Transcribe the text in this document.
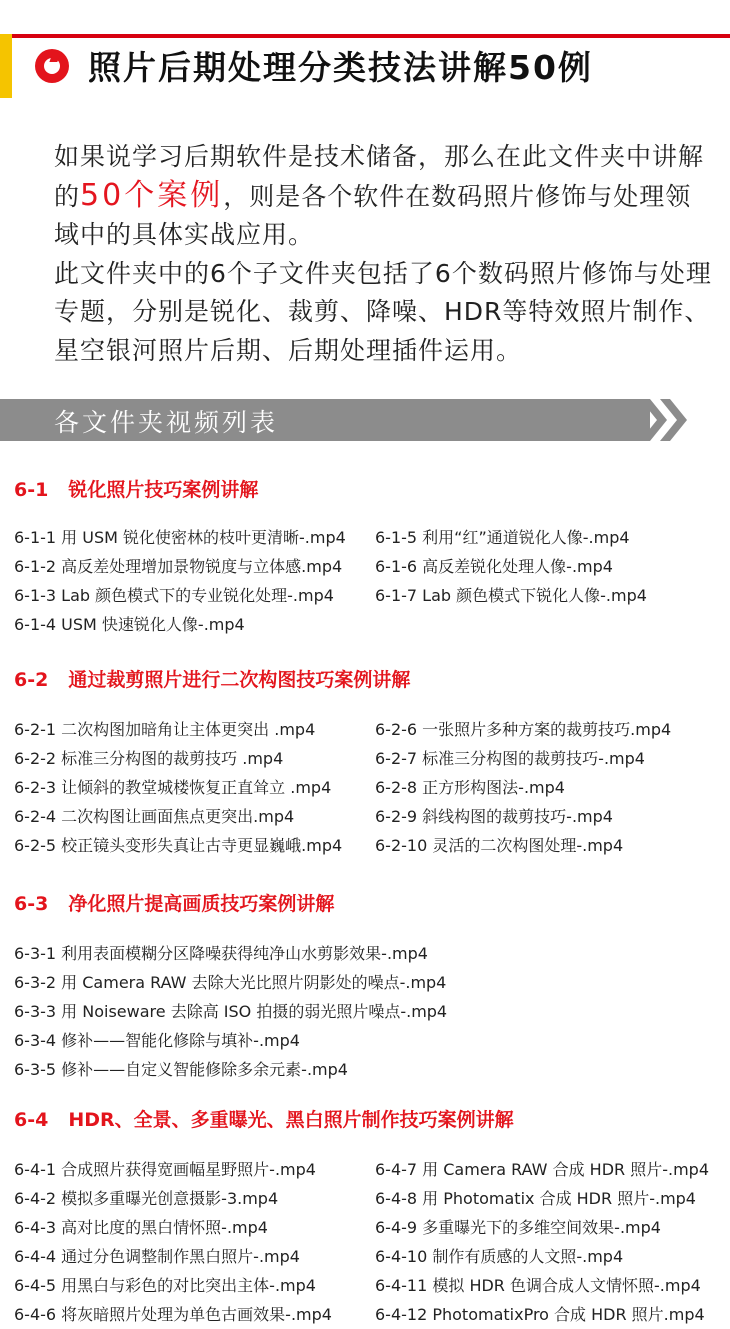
照片后期处理分类技法讲解50例

如果说学习后期软件是技术储备，那么在此文件夹中讲解的50个案例，则是各个软件在数码照片修饰与处理领域中的具体实战应用。

此文件夹中的6个子文件夹包括了6个数码照片修饰与处理专题，分别是锐化、裁剪、降噪、HDR等特效照片制作、星空银河照片后期、后期处理插件运用。

各文件夹视频列表
6-1 锐化照片技巧案例讲解
6-1-1 用 USM 锐化使密林的枝叶更清晰-.mp4 6-1-5 利用“红”通道锐化人像-.mp4
6-1-2 高反差处理增加景物锐度与立体感.mp4 6-1-6 高反差锐化处理人像-.mp4
6-1-3 Lab 颜色模式下的专业锐化处理-.mp4	6-1-7 Lab 颜色模式下锐化人像-.mp4
6-1-4 USM 快速锐化人像-.mp4
6-2 通过裁剪照片进行二次构图技巧案例讲解
6-2-1 二次构图加暗角让主体更突出 .mp4	6-2-6 一张照片多种方案的裁剪技巧.mp4
6-2-2 标准三分构图的裁剪技巧 .mp4	6-2-7 标准三分构图的裁剪技巧-.mp4
6-2-3 让倾斜的教堂城楼恢复正直耸立 .mp4	6-2-8 正方形构图法-.mp4
6-2-4 二次构图让画面焦点更突出.mp4	6-2-9 斜线构图的裁剪技巧-.mp4
6-2-5 校正镜头变形失真让古寺更显巍峨.mp4 6-2-10 灵活的二次构图处理-.mp4
6-3 净化照片提高画质技巧案例讲解
6-3-1 利用表面模糊分区降噪获得纯净山水剪影效果-.mp4
6-3-2 用 Camera RAW 去除大光比照片阴影处的噪点-.mp4
6-3-3 用 Noiseware 去除高 ISO 拍摄的弱光照片噪点-.mp4
6-3-4 修补——智能化修除与填补-.mp4
6-3-5 修补——自定义智能修除多余元素-.mp4
6-4 HDR、全景、多重曝光、黑白照片制作技巧案例讲解
6-4-1 合成照片获得宽画幅星野照片-.mp4	6-4-7 用 Camera RAW 合成 HDR 照片-.mp4
6-4-2 模拟多重曝光创意摄影-3.mp4	6-4-8 用 Photomatix 合成 HDR 照片-.mp4
6-4-3 高对比度的黑白情怀照-.mp4	6-4-9 多重曝光下的多维空间效果-.mp4
6-4-4 通过分色调整制作黑白照片-.mp4	6-4-10 制作有质感的人文照-.mp4
6-4-5 用黑白与彩色的对比突出主体-.mp4	6-4-11 模拟 HDR 色调合成人文情怀照-.mp4
6-4-6 将灰暗照片处理为单色古画效果-.mp4	6-4-12 PhotomatixPro 合成 HDR 照片.mp4
